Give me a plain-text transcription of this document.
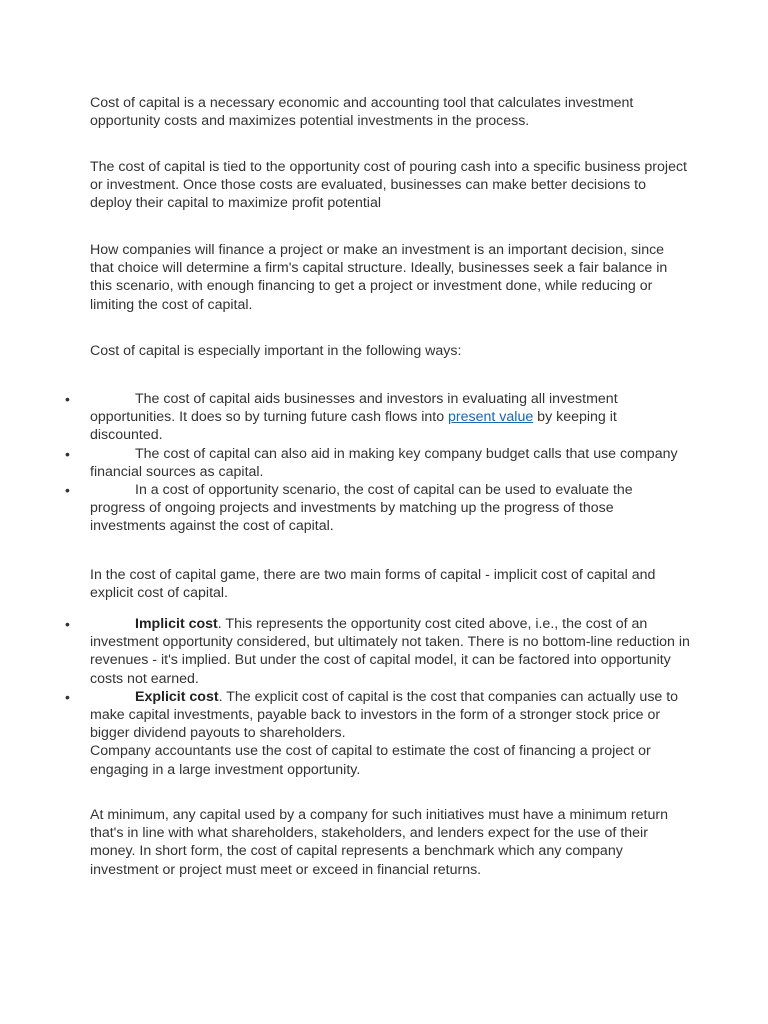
Cost of capital is a necessary economic and accounting tool that calculates investment opportunity costs and maximizes potential investments in the process.

The cost of capital is tied to the opportunity cost of pouring cash into a specific business project or investment. Once those costs are evaluated, businesses can make better decisions to deploy their capital to maximize profit potential

How companies will finance a project or make an investment is an important decision, since that choice will determine a firm's capital structure. Ideally, businesses seek a fair balance in this scenario, with enough financing to get a project or investment done, while reducing or limiting the cost of capital.

Cost of capital is especially important in the following ways:

•	The cost of capital aids businesses and investors in evaluating all investment opportunities. It does so by turning future cash flows into present value by keeping it discounted.
•	The cost of capital can also aid in making key company budget calls that use company financial sources as capital.
•	In a cost of opportunity scenario, the cost of capital can be used to evaluate the progress of ongoing projects and investments by matching up the progress of those investments against the cost of capital.

In the cost of capital game, there are two main forms of capital - implicit cost of capital and explicit cost of capital.

•	Implicit cost. This represents the opportunity cost cited above, i.e., the cost of an investment opportunity considered, but ultimately not taken. There is no bottom-line reduction in revenues - it's implied. But under the cost of capital model, it can be factored into opportunity costs not earned.
•	Explicit cost. The explicit cost of capital is the cost that companies can actually use to make capital investments, payable back to investors in the form of a stronger stock price or bigger dividend payouts to shareholders.
Company accountants use the cost of capital to estimate the cost of financing a project or engaging in a large investment opportunity.

At minimum, any capital used by a company for such initiatives must have a minimum return that's in line with what shareholders, stakeholders, and lenders expect for the use of their money. In short form, the cost of capital represents a benchmark which any company investment or project must meet or exceed in financial returns.
